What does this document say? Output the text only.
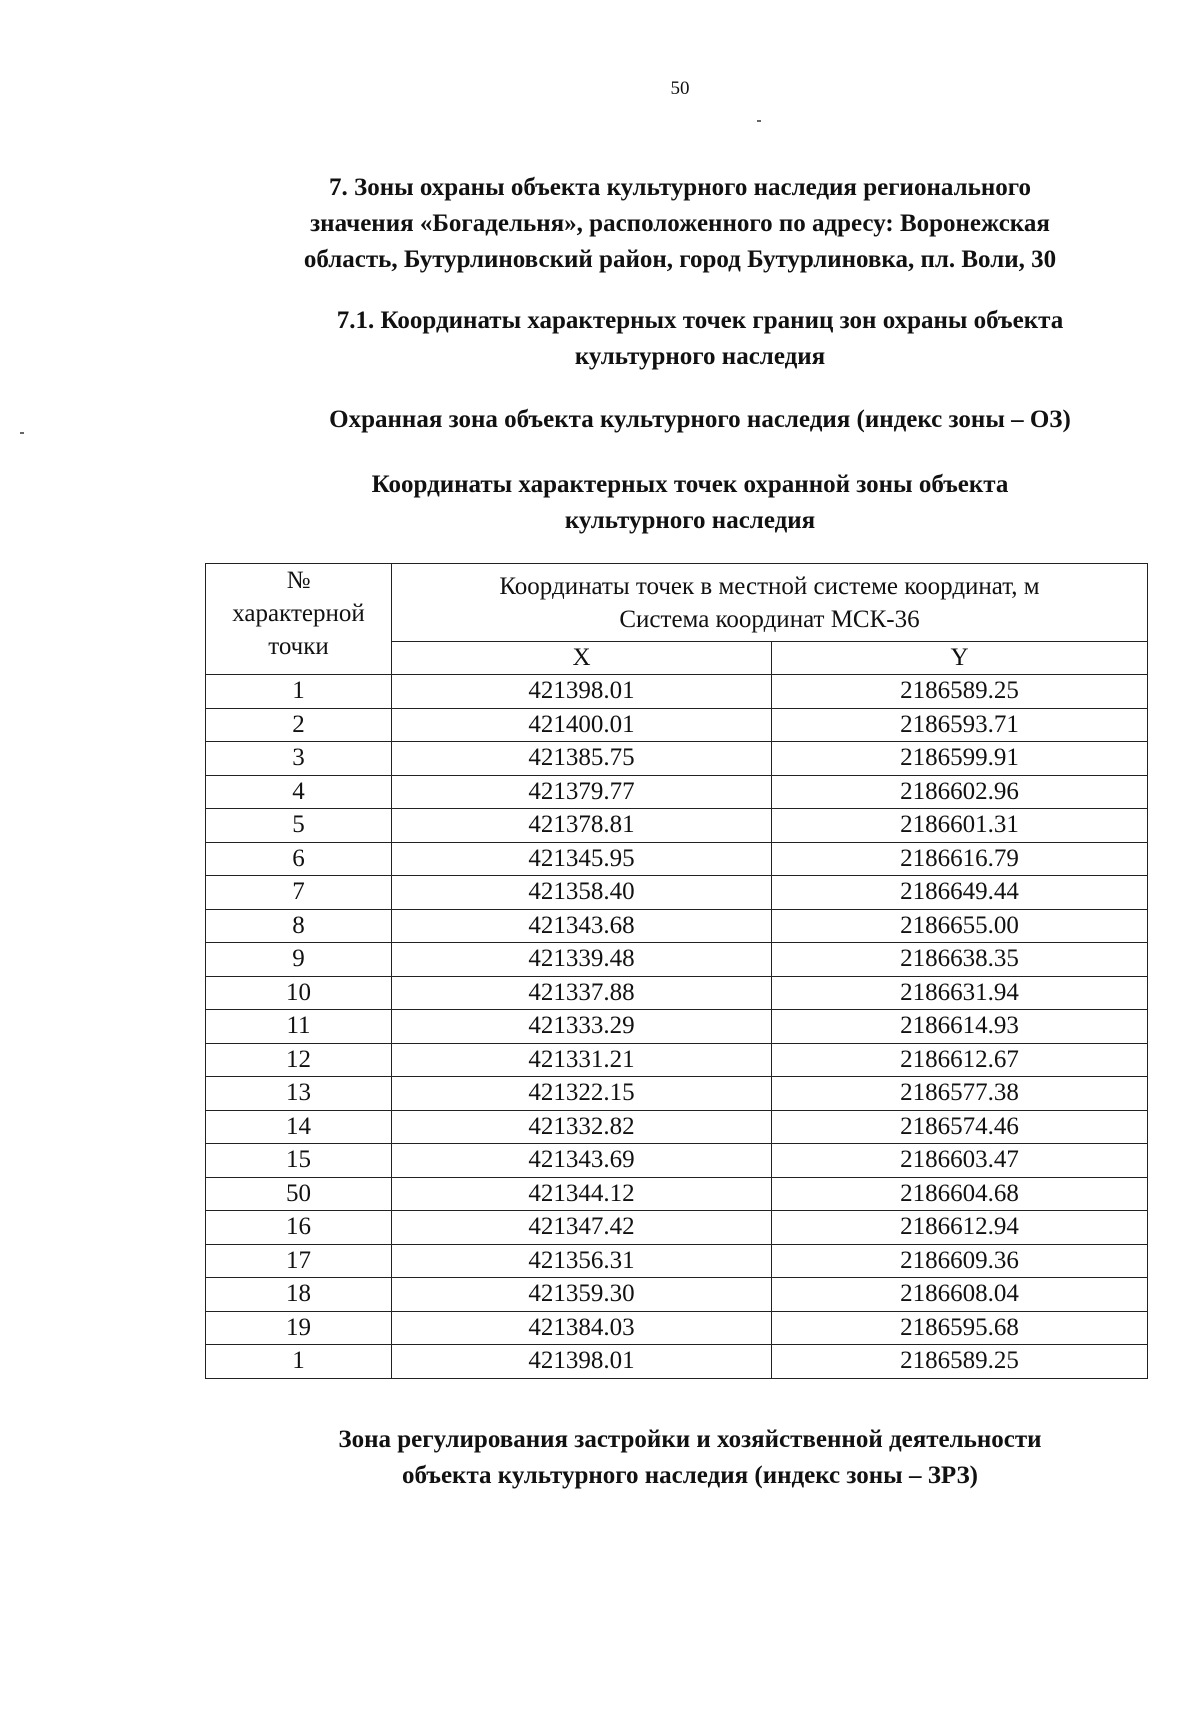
50
7. Зоны охраны объекта культурного наследия регионального
значения «Богадельня», расположенного по адресу: Воронежская
область, Бутурлиновский район, город Бутурлиновка, пл. Воли, 30
7.1. Координаты характерных точек границ зон охраны объекта
культурного наследия
Охранная зона объекта культурного наследия (индекс зоны – ОЗ)
Координаты характерных точек охранной зоны объекта
культурного наследия
№
характерной
точки	Координаты точек в местной системе координат, м
Система координат МСК-36	

	X	Y
1	421398.01	2186589.25
2	421400.01	2186593.71
3	421385.75	2186599.91
4	421379.77	2186602.96
5	421378.81	2186601.31
6	421345.95	2186616.79
7	421358.40	2186649.44
8	421343.68	2186655.00
9	421339.48	2186638.35
10	421337.88	2186631.94
11	421333.29	2186614.93
12	421331.21	2186612.67
13	421322.15	2186577.38
14	421332.82	2186574.46
15	421343.69	2186603.47
50	421344.12	2186604.68
16	421347.42	2186612.94
17	421356.31	2186609.36
18	421359.30	2186608.04
19	421384.03	2186595.68
1	421398.01	2186589.25
Зона регулирования застройки и хозяйственной деятельности
объекта культурного наследия (индекс зоны – ЗРЗ)
